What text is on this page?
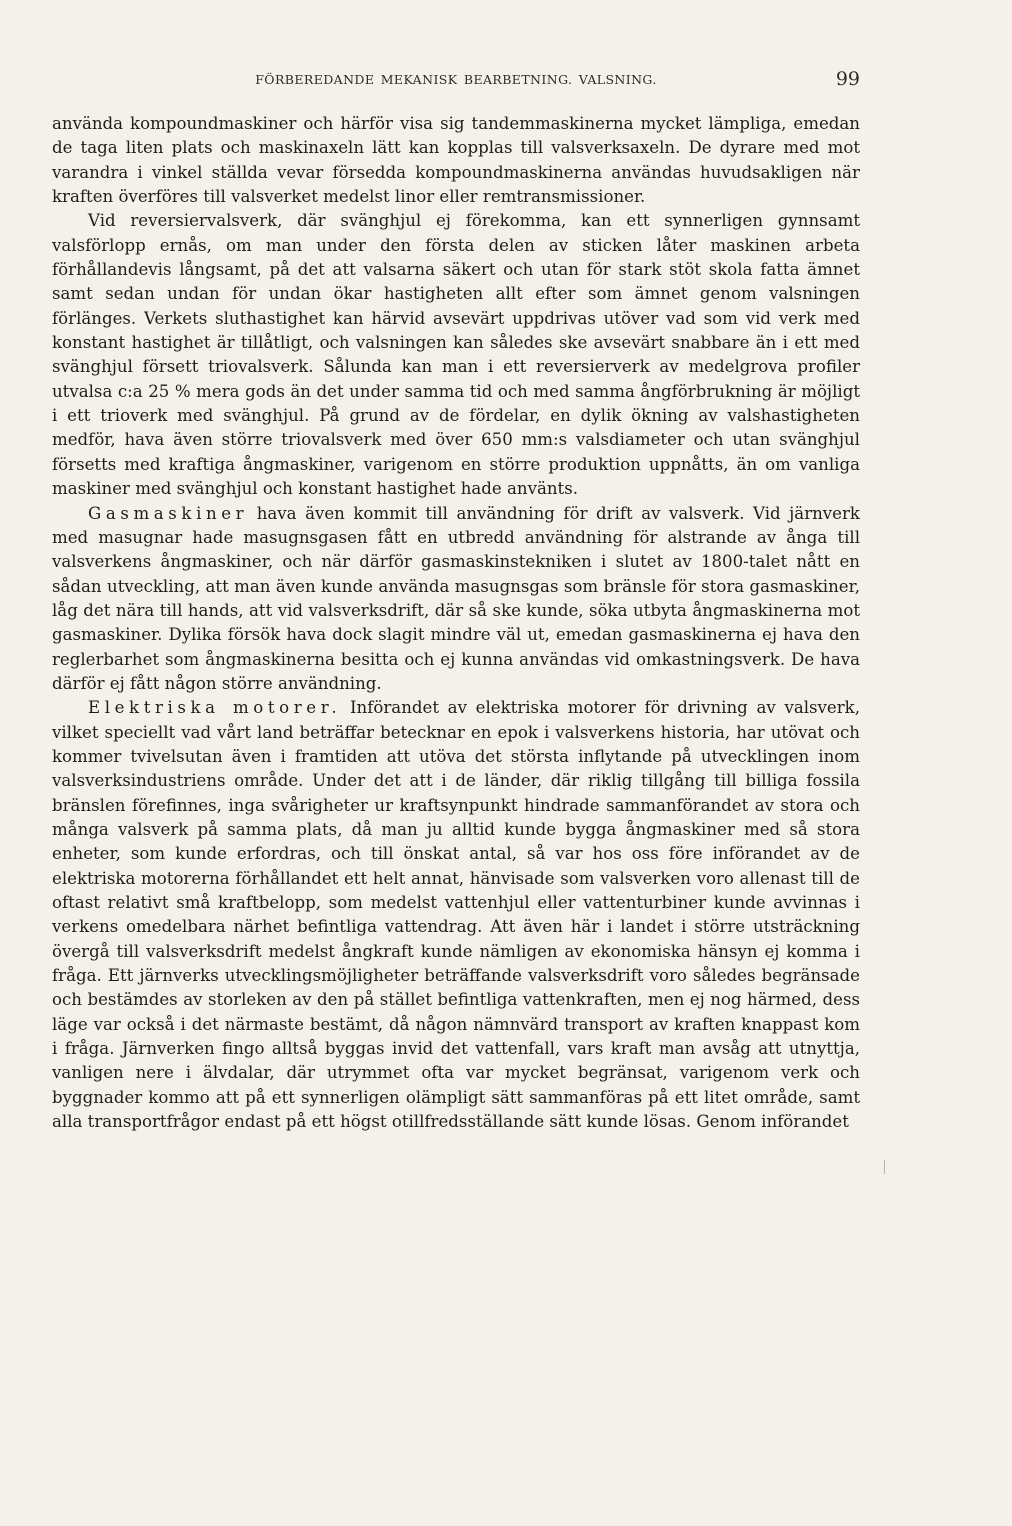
FÖRBEREDANDE MEKANISK BEARBETNING. VALSNING.	99

använda kompoundmaskiner och härför visa sig tandemmaskinerna mycket lämpliga, emedan de taga liten plats och maskinaxeln lätt kan kopplas till valsverksaxeln. De dyrare med mot varandra i vinkel ställda vevar försedda kompoundmaskinerna användas huvudsakligen när kraften överföres till valsverket medelst linor eller remtransmissioner.

Vid reversiervalsverk, där svänghjul ej förekomma, kan ett synnerligen gynnsamt valsförlopp ernås, om man under den första delen av sticken låter maskinen arbeta förhållandevis långsamt, på det att valsarna säkert och utan för stark stöt skola fatta ämnet samt sedan undan för undan ökar hastigheten allt efter som ämnet genom valsningen förlänges. Verkets sluthastighet kan härvid avsevärt uppdrivas utöver vad som vid verk med konstant hastighet är tillåtligt, och valsningen kan således ske avsevärt snabbare än i ett med svänghjul försett triovalsverk. Sålunda kan man i ett reversierverk av medelgrova profiler utvalsa c:a 25 % mera gods än det under samma tid och med samma ångförbrukning är möjligt i ett trioverk med svänghjul. På grund av de fördelar, en dylik ökning av valshastigheten medför, hava även större triovalsverk med över 650 mm:s valsdiameter och utan svänghjul försetts med kraftiga ångmaskiner, varigenom en större produktion uppnåtts, än om vanliga maskiner med svänghjul och konstant hastighet hade använts.

Gasmaskiner hava även kommit till användning för drift av valsverk. Vid järnverk med masugnar hade masugnsgasen fått en utbredd användning för alstrande av ånga till valsverkens ångmaskiner, och när därför gasmaskinstekniken i slutet av 1800-talet nått en sådan utveckling, att man även kunde använda masugnsgas som bränsle för stora gasmaskiner, låg det nära till hands, att vid valsverksdrift, där så ske kunde, söka utbyta ångmaskinerna mot gasmaskiner. Dylika försök hava dock slagit mindre väl ut, emedan gasmaskinerna ej hava den reglerbarhet som ångmaskinerna besitta och ej kunna användas vid omkastningsverk. De hava därför ej fått någon större användning.

Elektriska motorer. Införandet av elektriska motorer för drivning av valsverk, vilket speciellt vad vårt land beträffar betecknar en epok i valsverkens historia, har utövat och kommer tvivelsutan även i framtiden att utöva det största inflytande på utvecklingen inom valsverksindustriens område. Under det att i de länder, där riklig tillgång till billiga fossila bränslen förefinnes, inga svårigheter ur kraftsynpunkt hindrade sammanförandet av stora och många valsverk på samma plats, då man ju alltid kunde bygga ångmaskiner med så stora enheter, som kunde erfordras, och till önskat antal, så var hos oss före införandet av de elektriska motorerna förhållandet ett helt annat, hänvisade som valsverken voro allenast till de oftast relativt små kraftbelopp, som medelst vattenhjul eller vattenturbiner kunde avvinnas i verkens omedelbara närhet befintliga vattendrag. Att även här i landet i större utsträckning övergå till valsverksdrift medelst ångkraft kunde nämligen av ekonomiska hänsyn ej komma i fråga. Ett järnverks utvecklingsmöjligheter beträffande valsverksdrift voro således begränsade och bestämdes av storleken av den på stället befintliga vattenkraften, men ej nog härmed, dess läge var också i det närmaste bestämt, då någon nämnvärd transport av kraften knappast kom i fråga. Järnverken fingo alltså byggas invid det vattenfall, vars kraft man avsåg att utnyttja, vanligen nere i älvdalar, där utrymmet ofta var mycket begränsat, varigenom verk och byggnader kommo att på ett synnerligen olämpligt sätt sammanföras på ett litet område, samt alla transportfrågor endast på ett högst otillfredsställande sätt kunde lösas. Genom införandet
